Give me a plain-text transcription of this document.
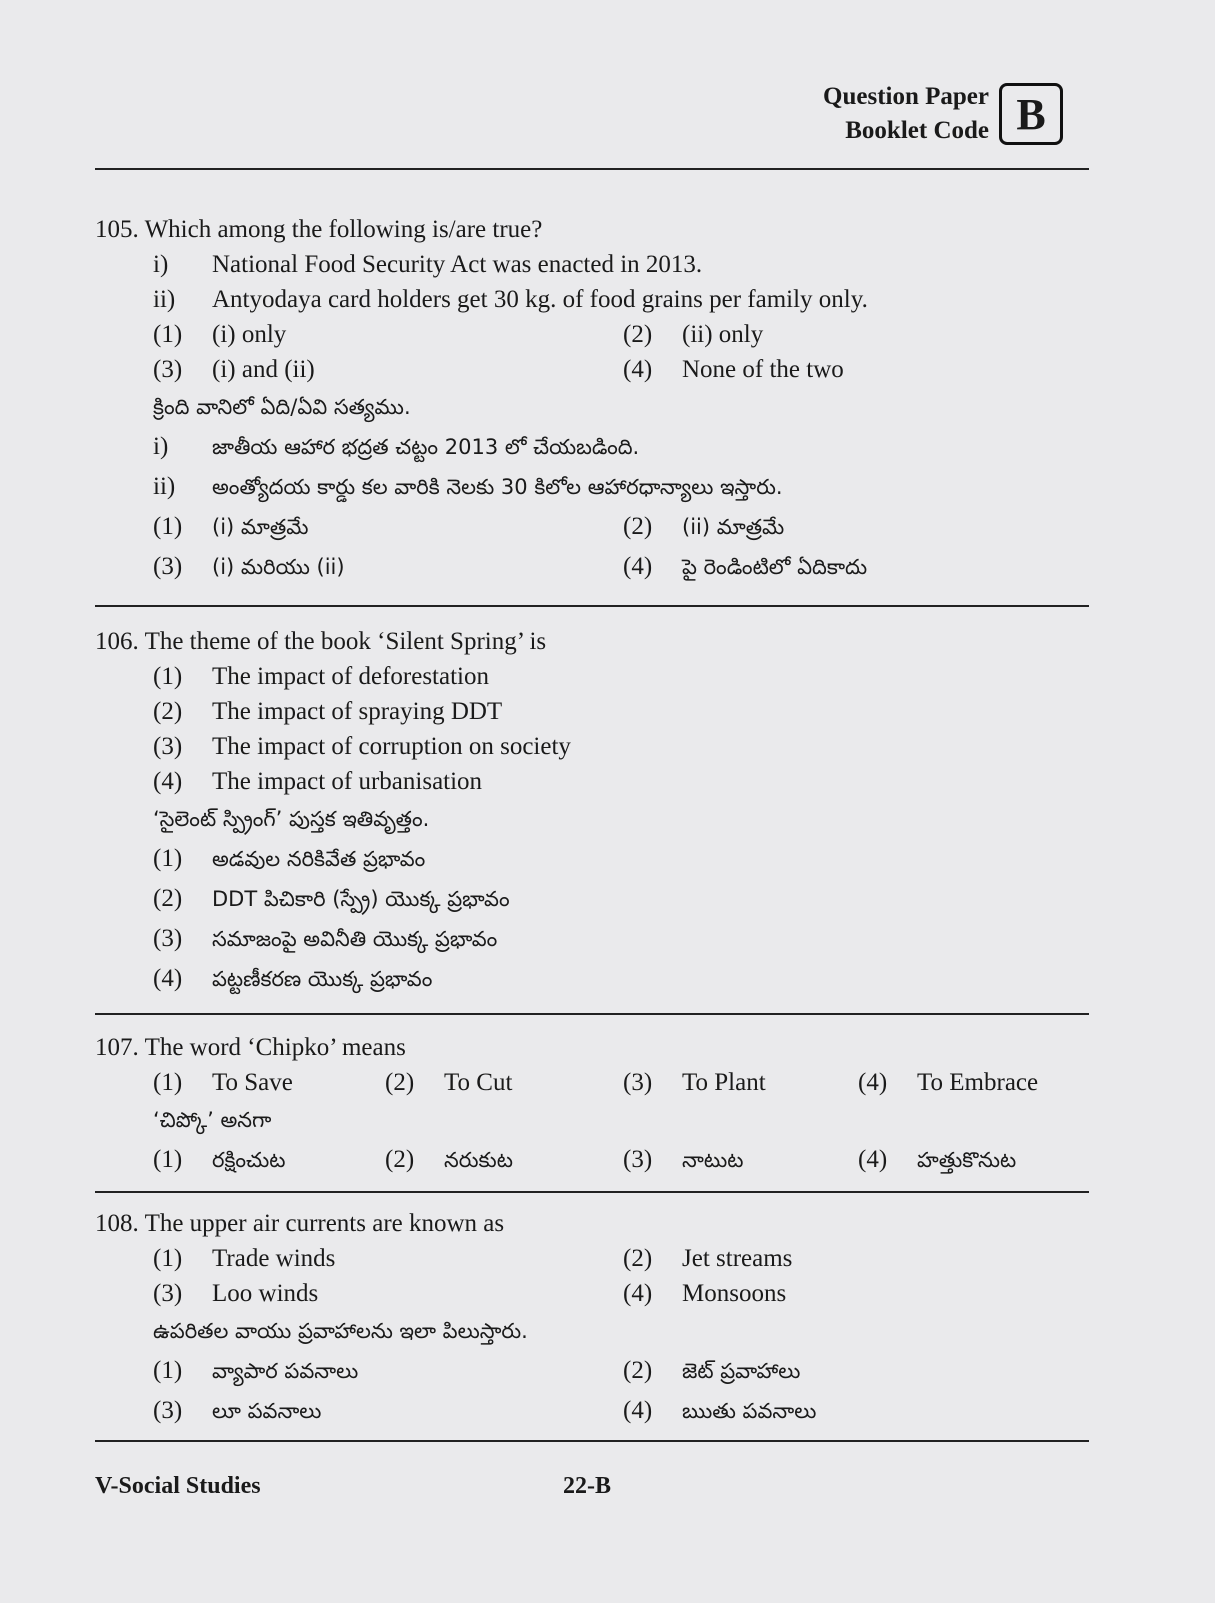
Question Paper
Booklet Code B
105. Which among the following is/are true?
i)	National Food Security Act was enacted in 2013.
ii)	Antyodaya card holders get 30 kg. of food grains per family only.
(1)	(i) only	(2)	(ii) only
(3)	(i) and (ii)	(4)	None of the two
క్రింది వానిలో ఏది/ఏవి సత్యము.
i)	జాతీయ ఆహార భద్రత చట్టం 2013 లో చేయబడింది.
ii)	అంత్యోదయ కార్డు కల వారికి నెలకు 30 కిలోల ఆహారధాన్యాలు ఇస్తారు.
(1)	(i) మాత్రమే	(2)	(ii) మాత్రమే
(3)	(i) మరియు (ii)	(4)	పై రెండింటిలో ఏదికాదు
106. The theme of the book ‘Silent Spring’ is
(1)	The impact of deforestation
(2)	The impact of spraying DDT
(3)	The impact of corruption on society
(4)	The impact of urbanisation
‘సైలెంట్ స్ప్రింగ్’ పుస్తక ఇతివృత్తం.
(1)	అడవుల నరికివేత ప్రభావం
(2)	DDT పిచికారి (స్ప్రే) యొక్క ప్రభావం
(3)	సమాజంపై అవినీతి యొక్క ప్రభావం
(4)	పట్టణీకరణ యొక్క ప్రభావం
107. The word ‘Chipko’ means
(1)	To Save	(2)	To Cut	(3)	To Plant	(4)	To Embrace
‘చిప్కో’ అనగా
(1)	రక్షించుట	(2)	నరుకుట	(3)	నాటుట	(4)	హత్తుకొనుట
108. The upper air currents are known as
(1)	Trade winds	(2)	Jet streams
(3)	Loo winds	(4)	Monsoons
ఉపరితల వాయు ప్రవాహాలను ఇలా పిలుస్తారు.
(1)	వ్యాపార పవనాలు	(2)	జెట్ ప్రవాహాలు
(3)	లూ పవనాలు	(4)	ఋతు పవనాలు
V-Social Studies	22-B
